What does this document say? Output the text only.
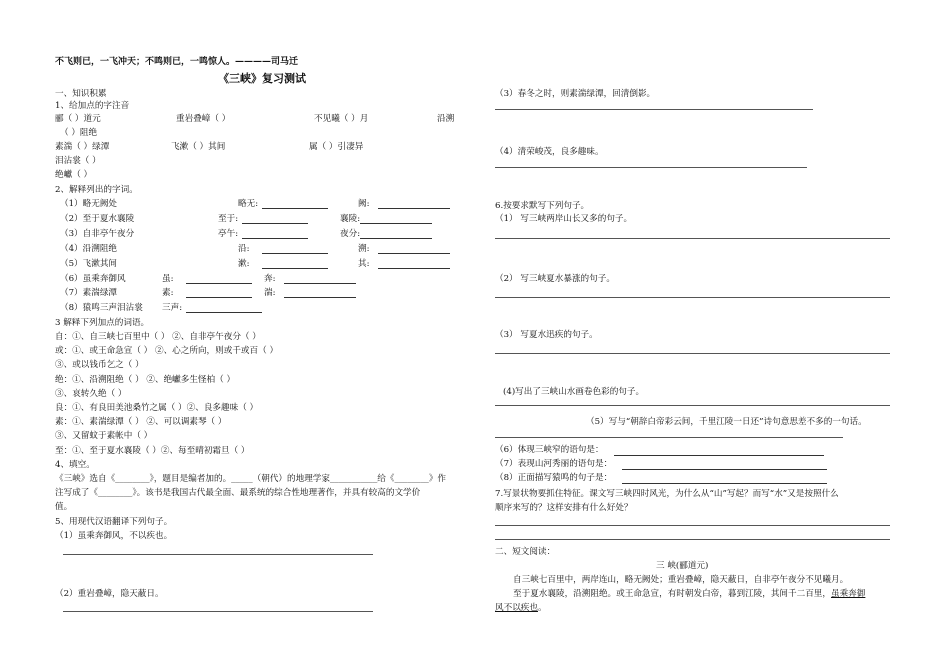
不飞则已，一飞冲天；不鸣则已，一鸣惊人。————司马迁
《三峡》复习测试
一、知识积累
1、给加点的字注音
郦（ ）道元	重岩叠嶂（ ）	不见曦（ ）月	沿溯
（ ）阻绝
素湍（ ）绿潭	飞漱（ ）其间	属（ ）引凄异
泪沾裳（ ）
绝巘（ ）
2、解释列出的字词。
（1）略无阙处	略无:	阙:
（2）至于夏水襄陵	至于:	襄陵:
（3）自非亭午夜分	亭午:	夜分:
（4）沿溯阻绝	沿:	溯:
（5）飞漱其间	漱:	其:
（6）虽乘奔御风	虽:	奔:
（7）素湍绿潭	素:	湍:
（8）猿鸣三声泪沾裳 三声:
3 解释下列加点的词语。
自：①、自三峡七百里中（ ） ②、自非亭午夜分（ ）
或：①、或王命急宣（ ） ②、心之所向，则或千或百（ ）
③、或以钱币乞之（ ）
绝：①、沿溯阻绝（ ） ②、绝巘多生怪柏（ ）
③、哀转久绝（ ）
良：①、有良田美池桑竹之属（ ）②、良多趣味（ ）
素：①、素湍绿潭（ ） ②、可以调素琴（ ）
③、又留蚊于素帐中（ ）
至：①、至于夏水襄陵（ ）②、每至晴初霜旦（ ）
4、填空。
《三峡》选自《________》，题目是编者加的。_____（朝代）的地理学家___________给《________》作
注写成了《________》。该书是我国古代最全面、最系统的综合性地理著作，并具有较高的文学价
值。
5、用现代汉语翻译下列句子。
（1）虽乘奔御风，不以疾也。
（2）重岩叠嶂，隐天蔽日。
（3）春冬之时，则素湍绿潭，回清倒影。
（4）清荣峻茂，良多趣味。
6.按要求默写下列句子。
（1） 写三峡两岸山长又多的句子。
（2） 写三峡夏水暴涨的句子。
（3） 写夏水迅疾的句子。
(4)写出了三峡山水画卷色彩的句子。
（5）写与“朝辞白帝彩云间，千里江陵一日还”诗句意思差不多的一句话。
（6）体现三峡窄的语句是：
（7）表现山河秀丽的语句是：
（8）正面描写猿鸣的句子是：
7.写景状物要抓住特征。课文写三峡四时风光，为什么从“山”写起？而写“水”又是按照什么
顺序来写的？这样安排有什么好处？
二、短文阅读：
三 峡(郦道元)
自三峡七百里中，两岸连山，略无阙处；重岩叠嶂，隐天蔽日，自非亭午夜分不见曦月。
至于夏水襄陵，沿溯阻绝。或王命急宣，有时朝发白帝，暮到江陵，其间千二百里，虽乘奔御
风不以疾也。
